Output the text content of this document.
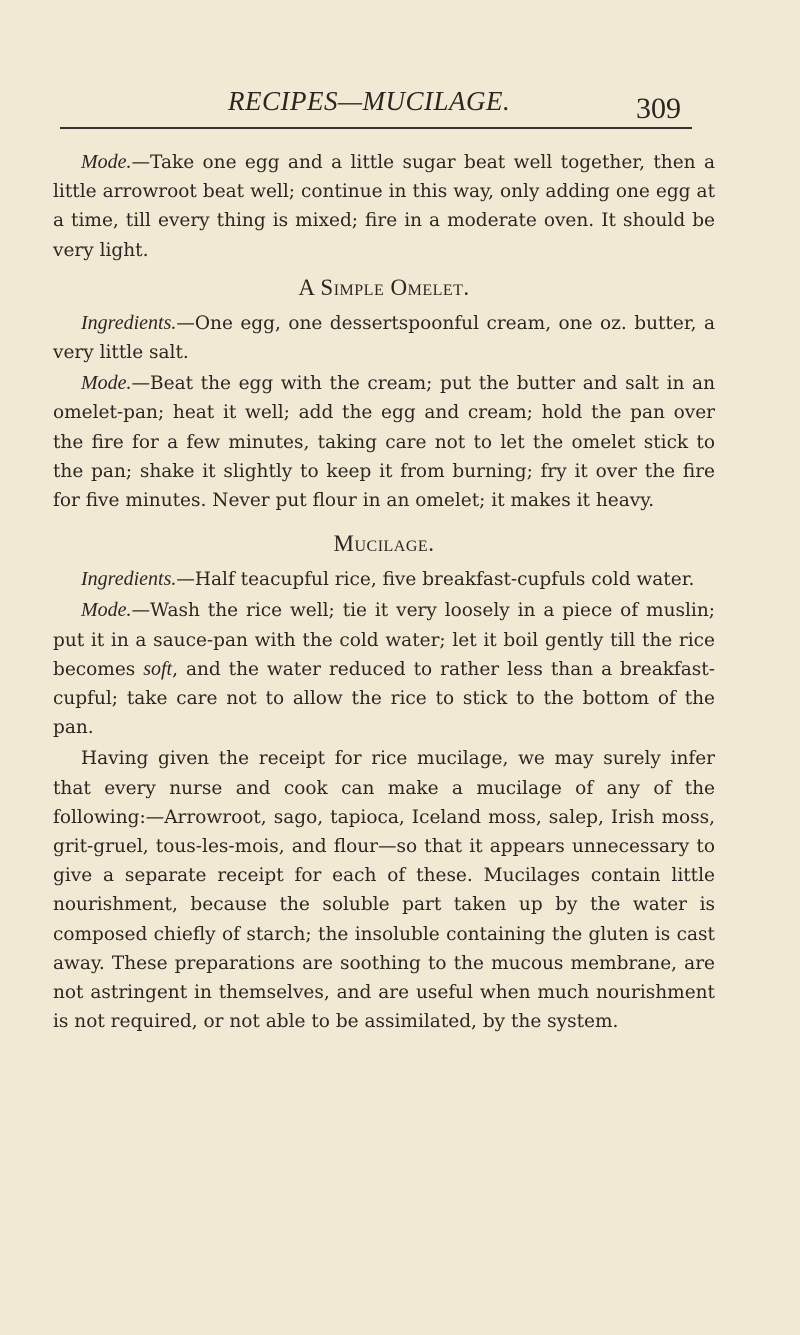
RECIPES—MUCILAGE.	309

Mode.—Take one egg and a little sugar beat well together, then a little arrowroot beat well; continue in this way, only adding one egg at a time, till every thing is mixed; fire in a moderate oven. It should be very light.

A Simple Omelet.

Ingredients.—One egg, one dessertspoonful cream, one oz. butter, a very little salt.

Mode.—Beat the egg with the cream; put the butter and salt in an omelet-pan; heat it well; add the egg and cream; hold the pan over the fire for a few minutes, taking care not to let the omelet stick to the pan; shake it slightly to keep it from burning; fry it over the fire for five minutes. Never put flour in an omelet; it makes it heavy.

Mucilage.

Ingredients.—Half teacupful rice, five breakfast-cupfuls cold water.

Mode.—Wash the rice well; tie it very loosely in a piece of muslin; put it in a sauce-pan with the cold water; let it boil gently till the rice becomes soft, and the water reduced to rather less than a breakfast-cupful; take care not to allow the rice to stick to the bottom of the pan.

Having given the receipt for rice mucilage, we may surely infer that every nurse and cook can make a mucilage of any of the following:—Arrowroot, sago, tapioca, Iceland moss, salep, Irish moss, grit-gruel, tous-les-mois, and flour—so that it appears unnecessary to give a separate receipt for each of these. Mucilages contain little nourishment, because the soluble part taken up by the water is composed chiefly of starch; the insoluble containing the gluten is cast away. These preparations are soothing to the mucous membrane, are not astringent in themselves, and are useful when much nourishment is not required, or not able to be assimilated, by the system.
